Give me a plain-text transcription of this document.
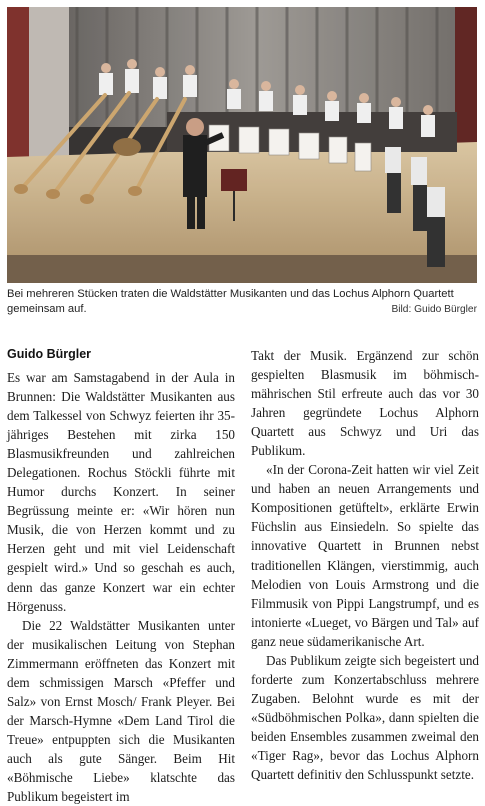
Bei mehreren Stücken traten die Waldstätter Musikanten und das Lochus Alphorn Quartett gemeinsam auf.	Bild: Guido Bürgler
Guido Bürgler

Es war am Samstagabend in der Aula in Brunnen: Die Waldstätter Musikanten aus dem Talkessel von Schwyz feierten ihr 35-jähriges Bestehen mit zirka 150 Blasmusikfreunden und zahlreichen Delegationen. Rochus Stöckli führte mit Humor durchs Konzert. In seiner Begrüssung meinte er: «Wir hören nun Musik, die von Herzen kommt und zu Herzen geht und mit viel Leidenschaft gespielt wird.» Und so geschah es auch, denn das ganze Konzert war ein echter Hörgenuss.

Die 22 Waldstätter Musikanten unter der musikalischen Leitung von Stephan Zimmermann eröffneten das Konzert mit dem schmissigen Marsch «Pfeffer und Salz» von Ernst Mosch/ Frank Pleyer. Bei der Marsch-Hymne «Dem Land Tirol die Treue» entpuppten sich die Musikanten auch als gute Sänger. Beim Hit «Böhmische Liebe» klatschte das Publikum begeistert im

Takt der Musik. Ergänzend zur schön gespielten Blasmusik im böhmisch-mährischen Stil erfreute auch das vor 30 Jahren gegründete Lochus Alphorn Quartett aus Schwyz und Uri das Publikum.

«In der Corona-Zeit hatten wir viel Zeit und haben an neuen Arrangements und Kompositionen getüftelt», erklärte Erwin Füchslin aus Einsiedeln. So spielte das innovative Quartett in Brunnen nebst traditionellen Klängen, vierstimmig, auch Melodien von Louis Armstrong und die Filmmusik von Pippi Langstrumpf, und es intonierte «Lueget, vo Bärgen und Tal» auf ganz neue südamerikanische Art.

Das Publikum zeigte sich begeistert und forderte zum Konzertabschluss mehrere Zugaben. Belohnt wurde es mit der «Südböhmischen Polka», dann spielten die beiden Ensembles zusammen zweimal den «Tiger Rag», bevor das Lochus Alphorn Quartett definitiv den Schlusspunkt setzte.
